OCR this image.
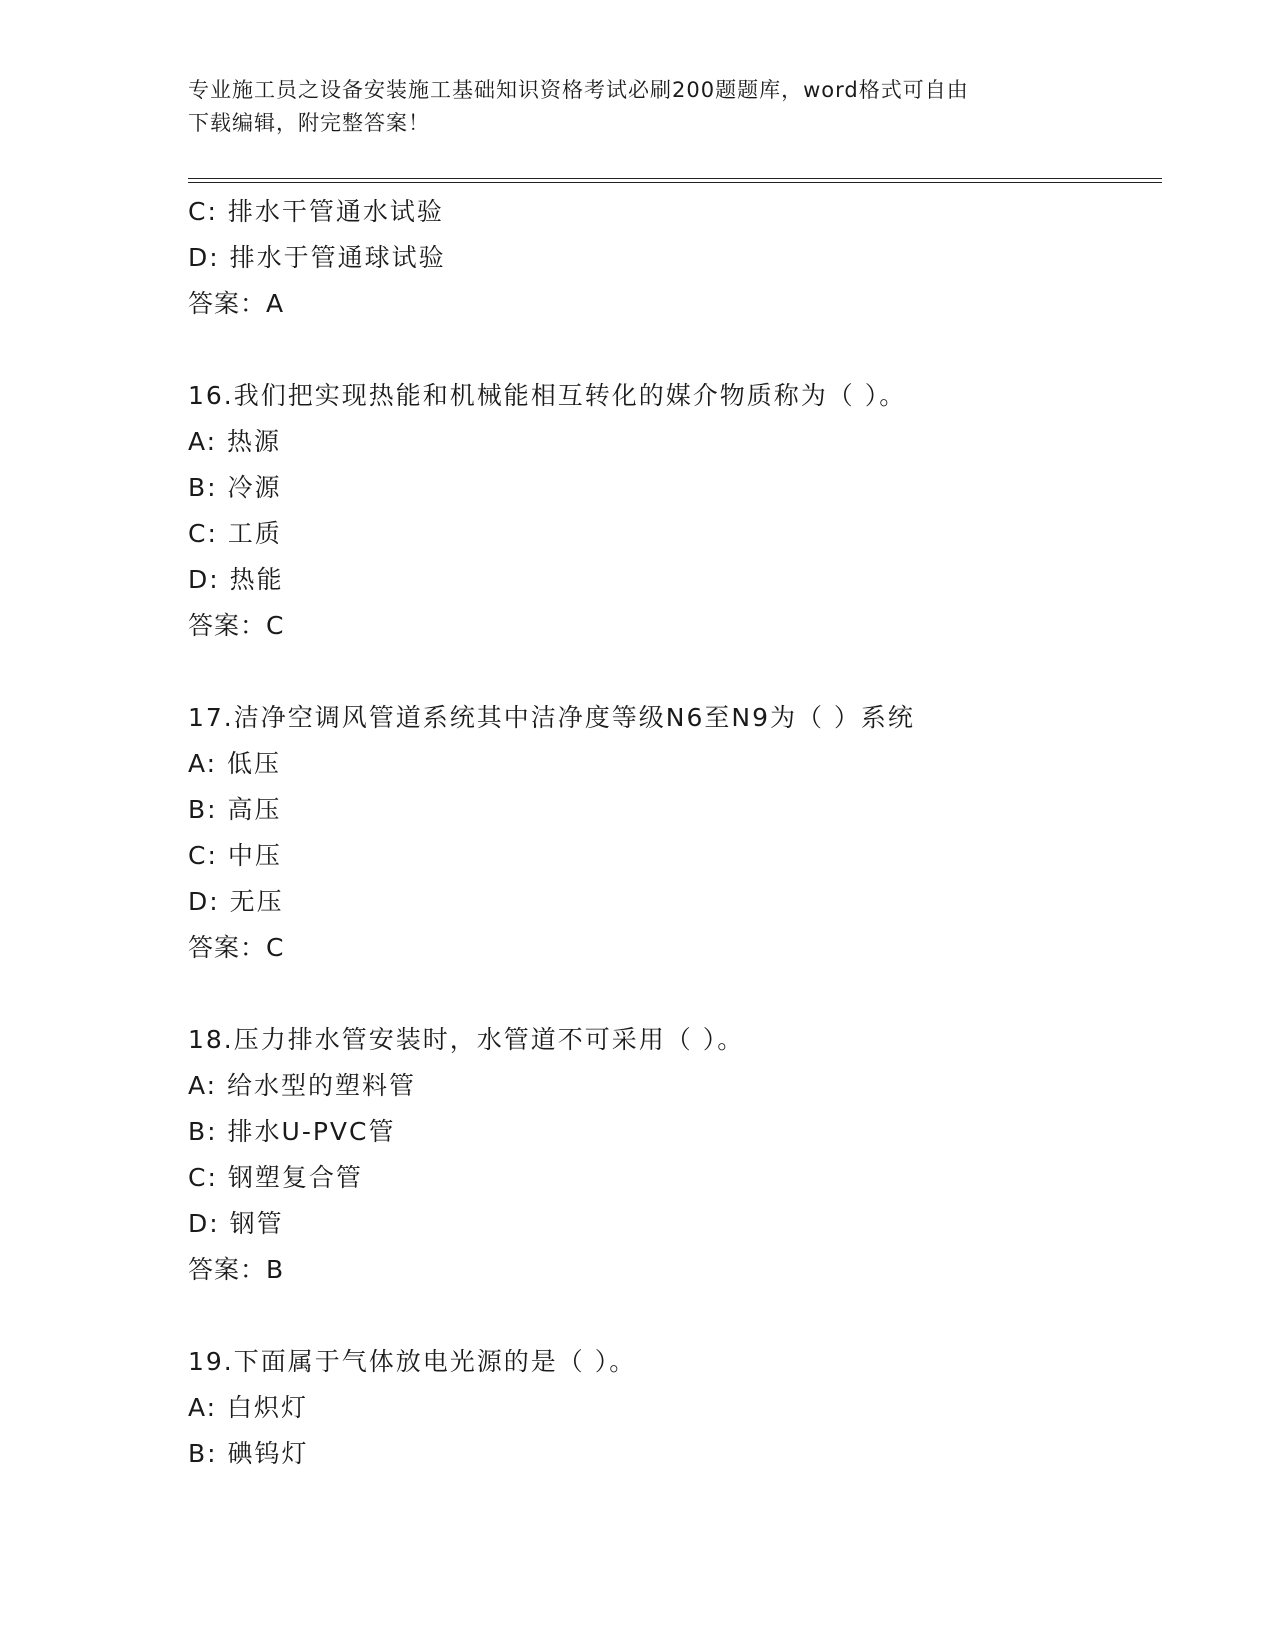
专业施工员之设备安装施工基础知识资格考试必刷200题题库，word格式可自由
下载编辑，附完整答案！
C: 排水干管通水试验
D: 排水于管通球试验
答案：A
16.我们把实现热能和机械能相互转化的媒介物质称为（ ）。
A: 热源
B: 冷源
C: 工质
D: 热能
答案：C
17.洁净空调风管道系统其中洁净度等级N6至N9为（ ）系统
A: 低压
B: 高压
C: 中压
D: 无压
答案：C
18.压力排水管安装时，水管道不可采用（ ）。
A: 给水型的塑料管
B: 排水U-PVC管
C: 钢塑复合管
D: 钢管
答案：B
19.下面属于气体放电光源的是（ ）。
A: 白炽灯
B: 碘钨灯
